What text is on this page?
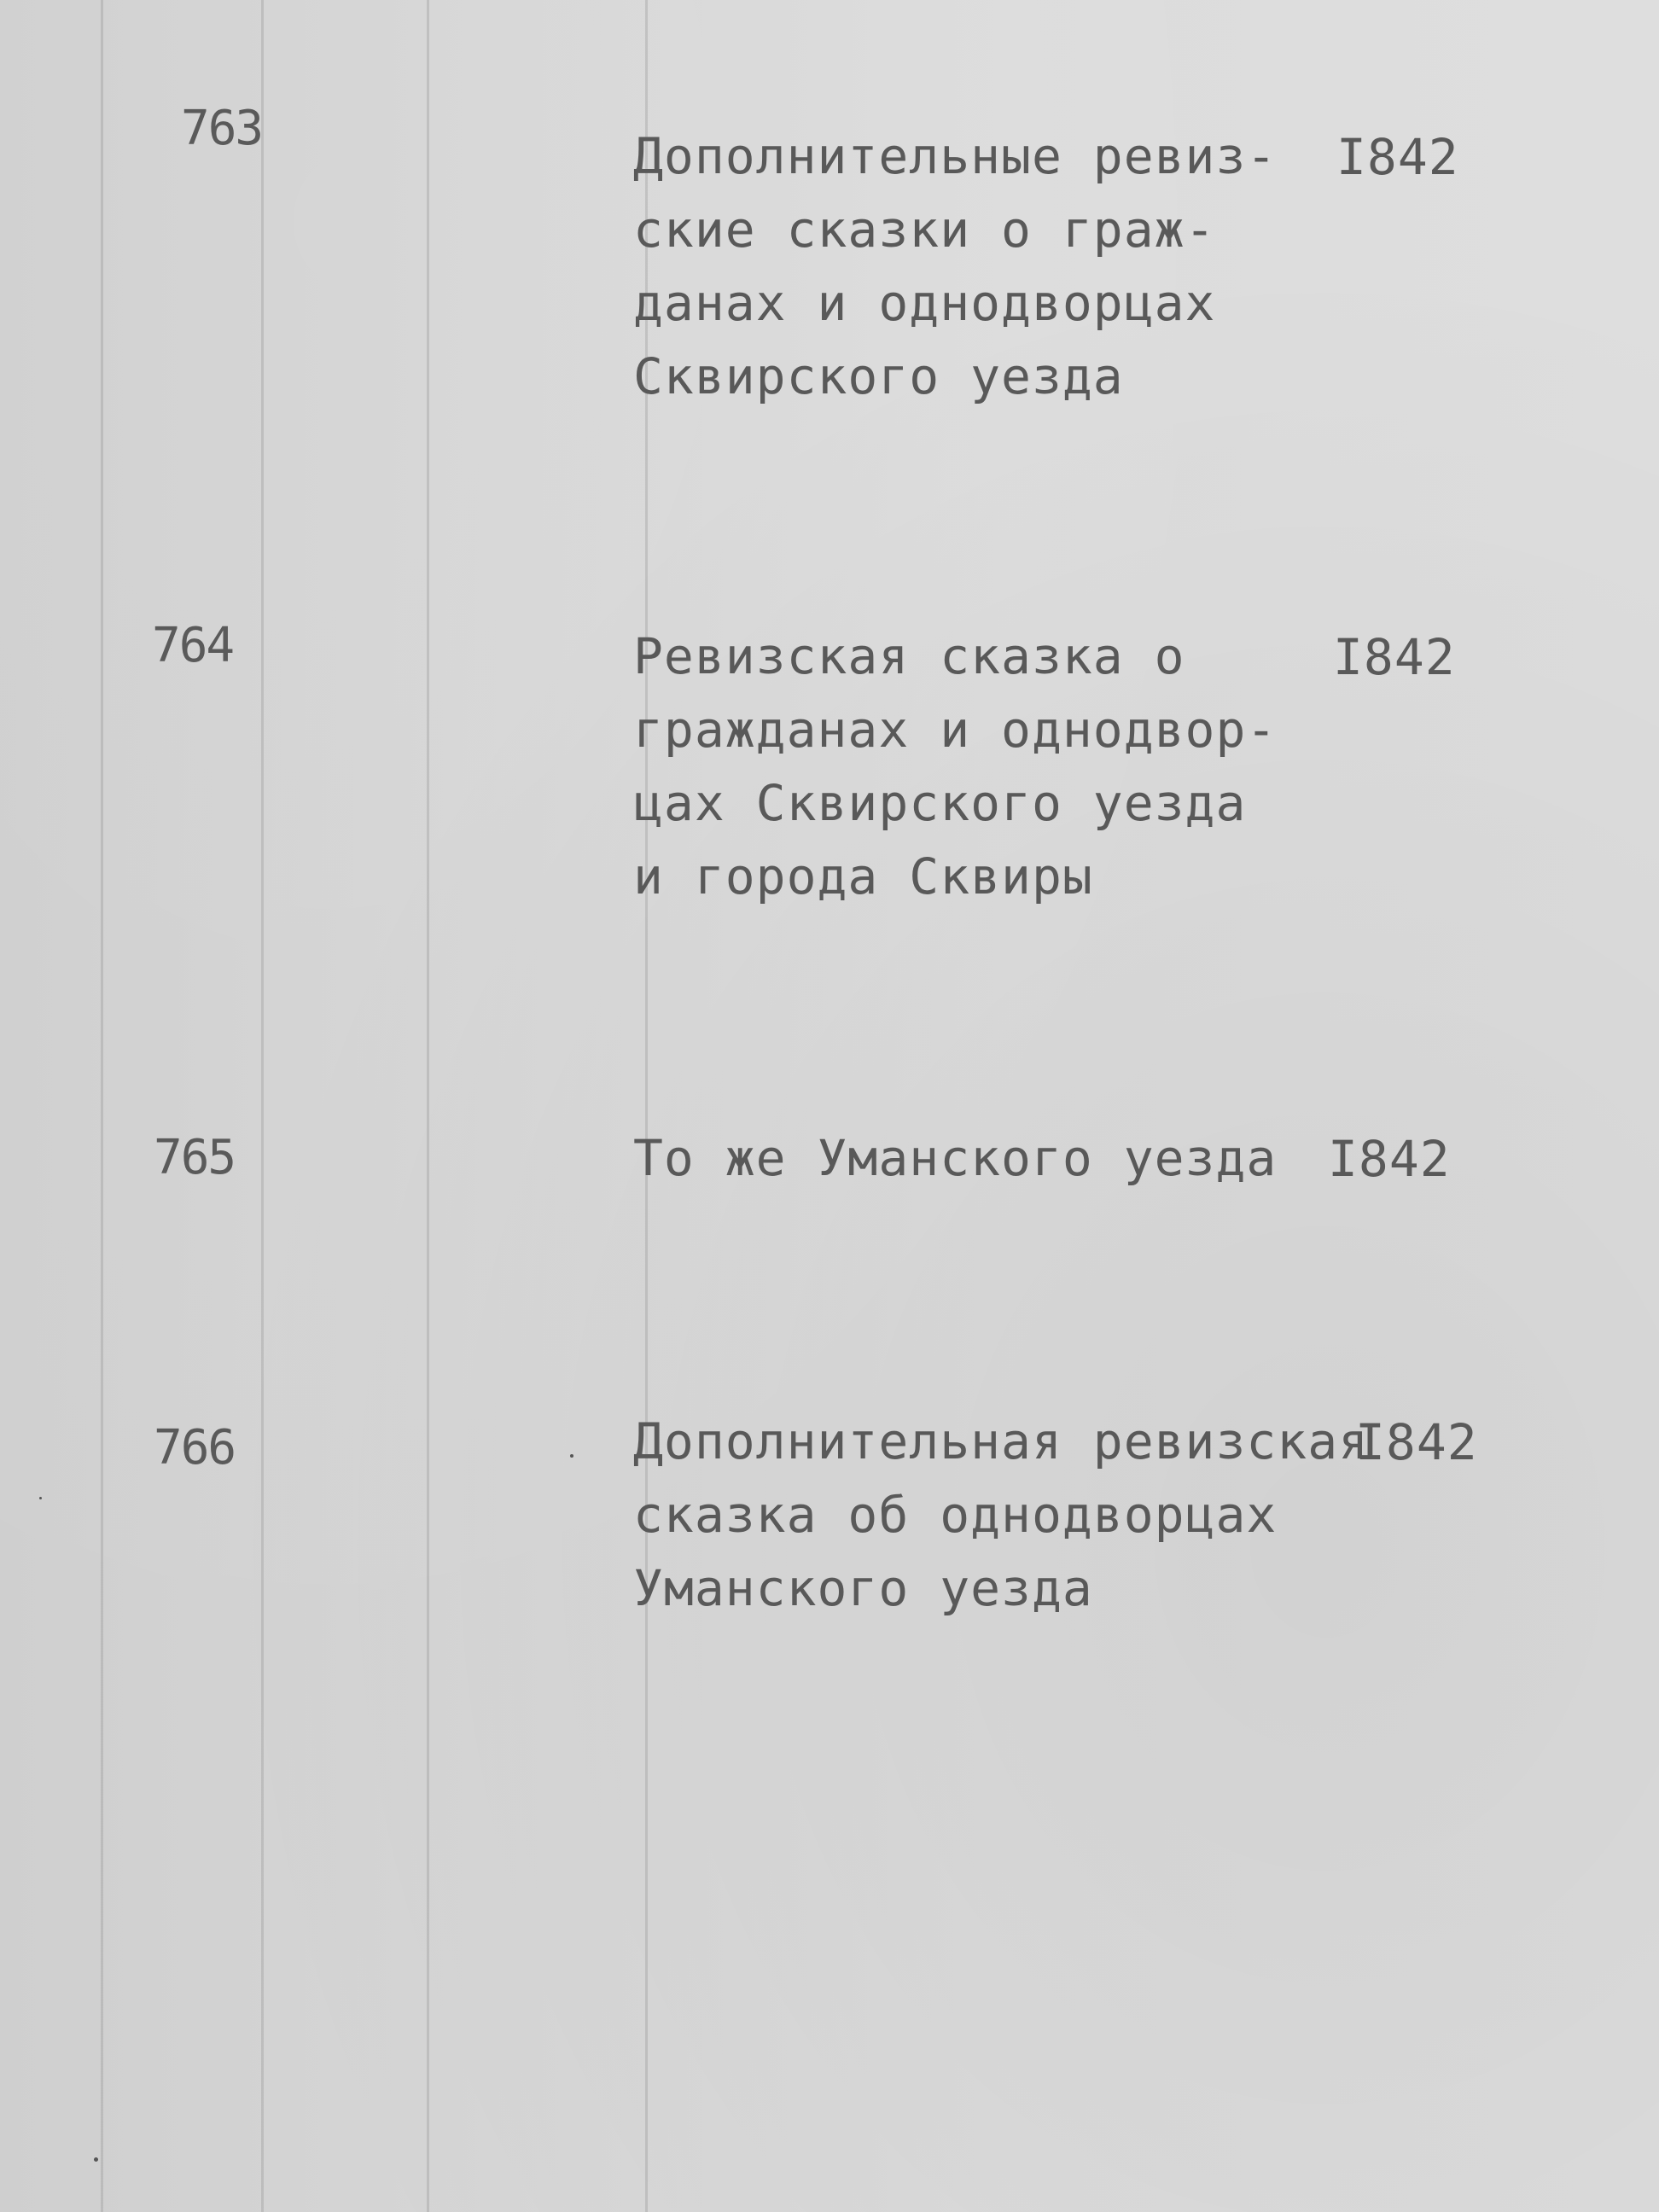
763	Дополнительные ревиз-
ские сказки о граж-
данах и однодворцах
Сквирского уезда
I842
764	Ревизская сказка о
гражданах и однодвор-
цах Сквирского уезда
и города Сквиры
I842
765	То же Уманского уезда I842
766	Дополнительная ревизская
сказка об однодворцах
Уманского уезда
I842
